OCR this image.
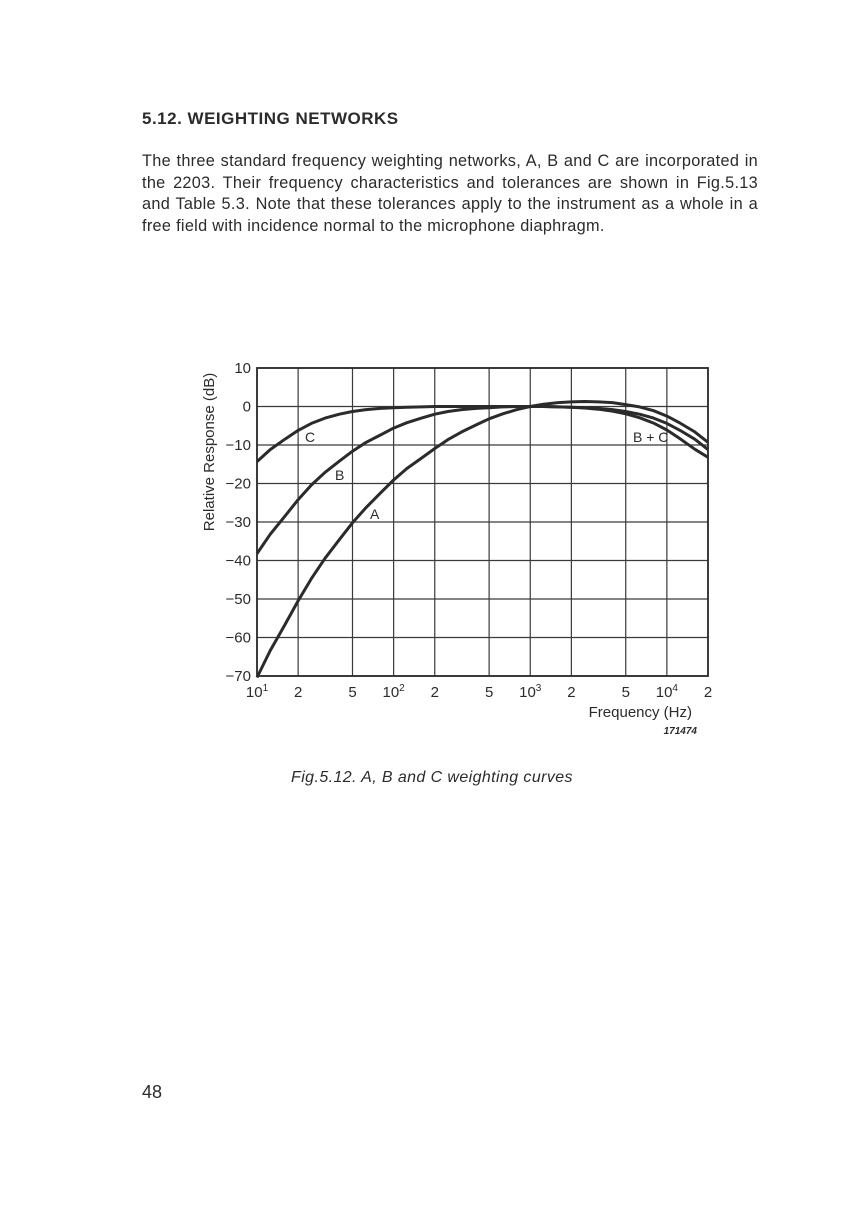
5.12. WEIGHTING NETWORKS

The three standard frequency weighting networks, A, B and C are incorporated in the 2203. Their frequency characteristics and tolerances are shown in Fig.5.13 and Table 5.3. Note that these tolerances apply to the instrument as a whole in a free field with incidence normal to the microphone diaphragm.

Relative Response (dB)
Frequency (Hz)
171474
C
B
A
B + C
$10^1$ 2	5 $10^2$ 2	5 $10^3$ 2	5 $10^4$ 2
10
0
−10
−20
−30
−40
−50
−60
−70
Fig.5.12. A, B and C weighting curves
48
